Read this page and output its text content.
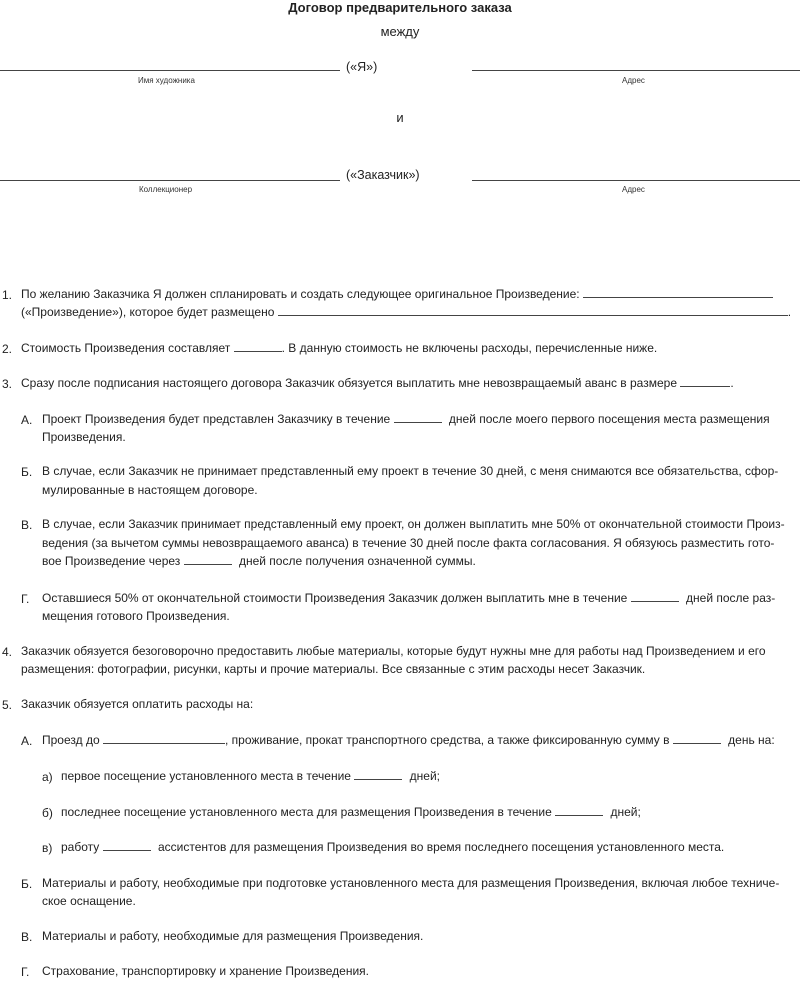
Договор предварительного заказа
между
(«Я»)
Имя художника	Адрес
и
(«Заказчик»)
Коллекционер	Адрес
1. По желанию Заказчика Я должен спланировать и создать следующее оригинальное Произведение:
(«Произведение»), которое будет размещено	.
2. Стоимость Произведения составляет	. В данную стоимость не включены расходы, перечисленные ниже.
3. Сразу после подписания настоящего договора Заказчик обязуется выплатить мне невозвращаемый аванс в размере	.
А. Проект Произведения будет представлен Заказчику в течение	дней после моего первого посещения места размещения
Произведения.
Б. В случае, если Заказчик не принимает представленный ему проект в течение 30 дней, с меня снимаются все обязательства, сфор-
мулированные в настоящем договоре.
В. В случае, если Заказчик принимает представленный ему проект, он должен выплатить мне 50% от окончательной стоимости Произ-
ведения (за вычетом суммы невозвращаемого аванса) в течение 30 дней после факта согласования. Я обязуюсь разместить гото-
вое Произведение через	дней после получения означенной суммы.
Г. Оставшиеся 50% от окончательной стоимости Произведения Заказчик должен выплатить мне в течение	дней после раз-
мещения готового Произведения.
4. Заказчик обязуется безоговорочно предоставить любые материалы, которые будут нужны мне для работы над Произведением и его
размещения: фотографии, рисунки, карты и прочие материалы. Все связанные с этим расходы несет Заказчик.
5. Заказчик обязуется оплатить расходы на:
А. Проезд до	, проживание, прокат транспортного средства, а также фиксированную сумму в	день на:
а) первое посещение установленного места в течение	дней;
б) последнее посещение установленного места для размещения Произведения в течение	дней;
в) работу	ассистентов для размещения Произведения во время последнего посещения установленного места.
Б. Материалы и работу, необходимые при подготовке установленного места для размещения Произведения, включая любое техниче-
ское оснащение.
В. Материалы и работу, необходимые для размещения Произведения.
Г. Страхование, транспортировку и хранение Произведения.
